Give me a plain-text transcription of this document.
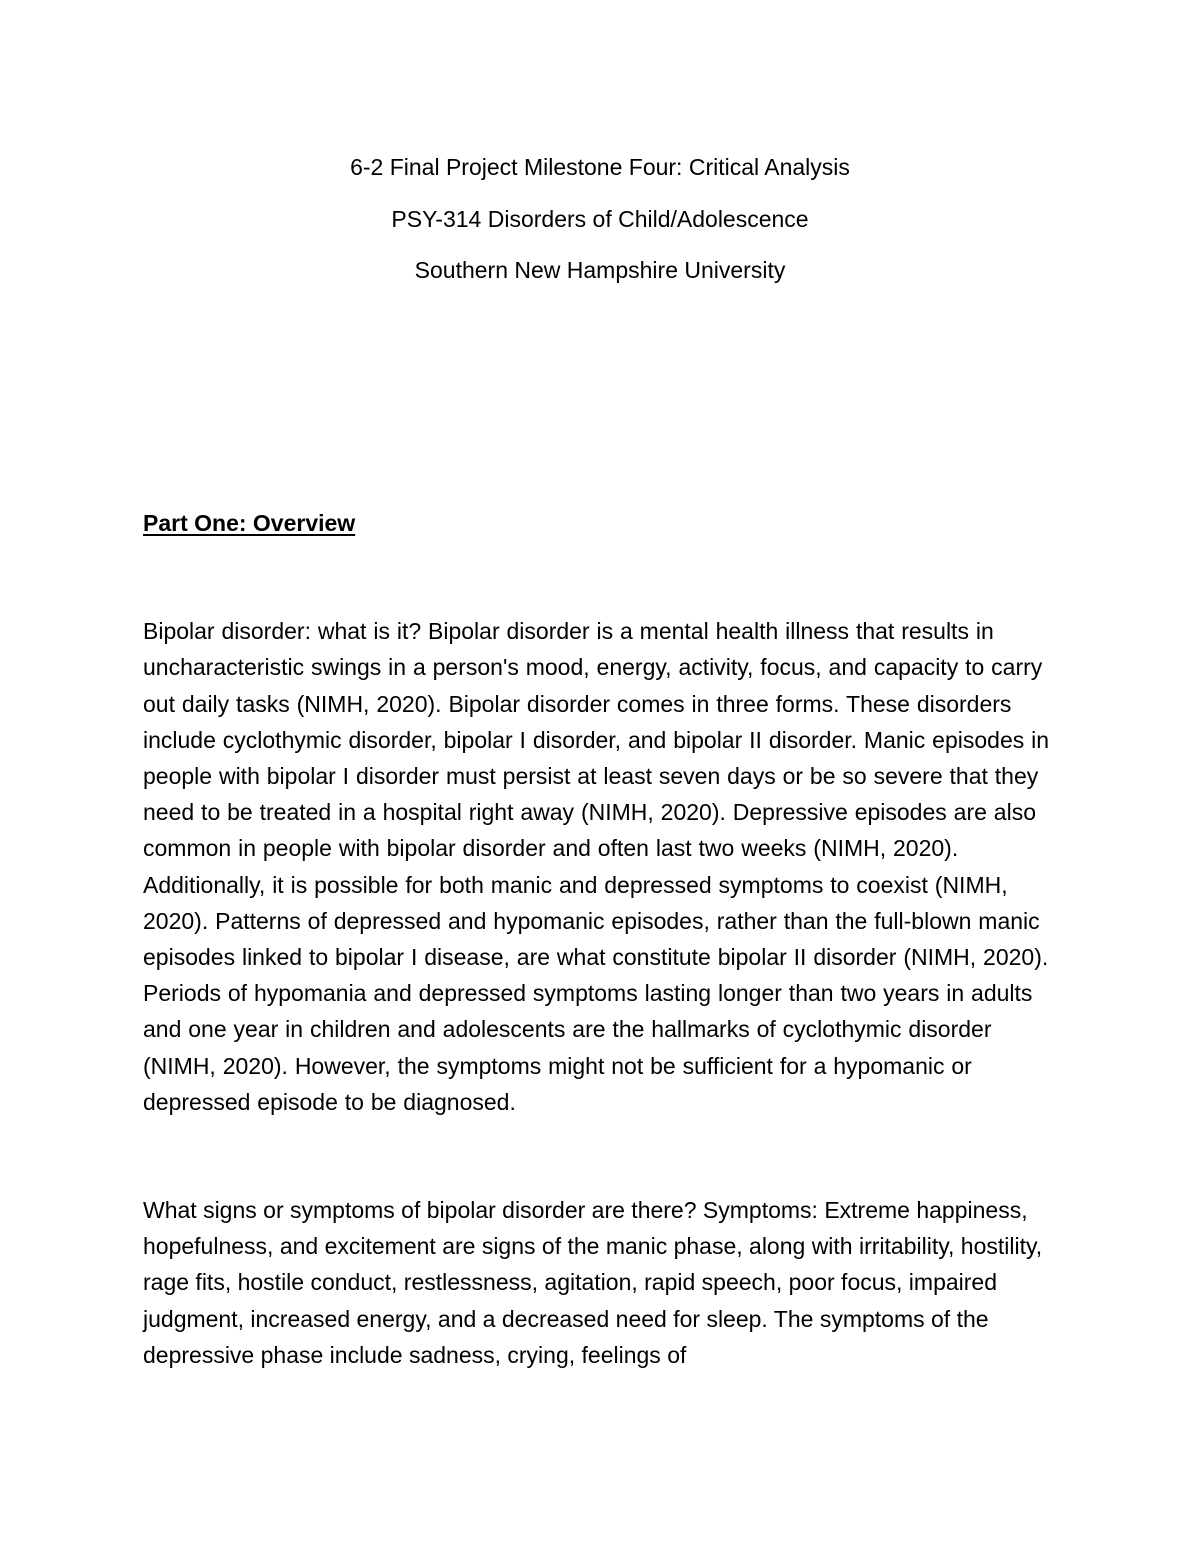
6-2 Final Project Milestone Four: Critical Analysis
PSY-314 Disorders of Child/Adolescence
Southern New Hampshire University
Part One: Overview
Bipolar disorder: what is it? Bipolar disorder is a mental health illness that results in uncharacteristic swings in a person's mood, energy, activity, focus, and capacity to carry out daily tasks (NIMH, 2020). Bipolar disorder comes in three forms. These disorders include cyclothymic disorder, bipolar I disorder, and bipolar II disorder. Manic episodes in people with bipolar I disorder must persist at least seven days or be so severe that they need to be treated in a hospital right away (NIMH, 2020). Depressive episodes are also common in people with bipolar disorder and often last two weeks (NIMH, 2020). Additionally, it is possible for both manic and depressed symptoms to coexist (NIMH, 2020). Patterns of depressed and hypomanic episodes, rather than the full-blown manic episodes linked to bipolar I disease, are what constitute bipolar II disorder (NIMH, 2020). Periods of hypomania and depressed symptoms lasting longer than two years in adults and one year in children and adolescents are the hallmarks of cyclothymic disorder (NIMH, 2020). However, the symptoms might not be sufficient for a hypomanic or depressed episode to be diagnosed.
What signs or symptoms of bipolar disorder are there? Symptoms: Extreme happiness, hopefulness, and excitement are signs of the manic phase, along with irritability, hostility, rage fits, hostile conduct, restlessness, agitation, rapid speech, poor focus, impaired judgment, increased energy, and a decreased need for sleep. The symptoms of the depressive phase include sadness, crying, feelings of
